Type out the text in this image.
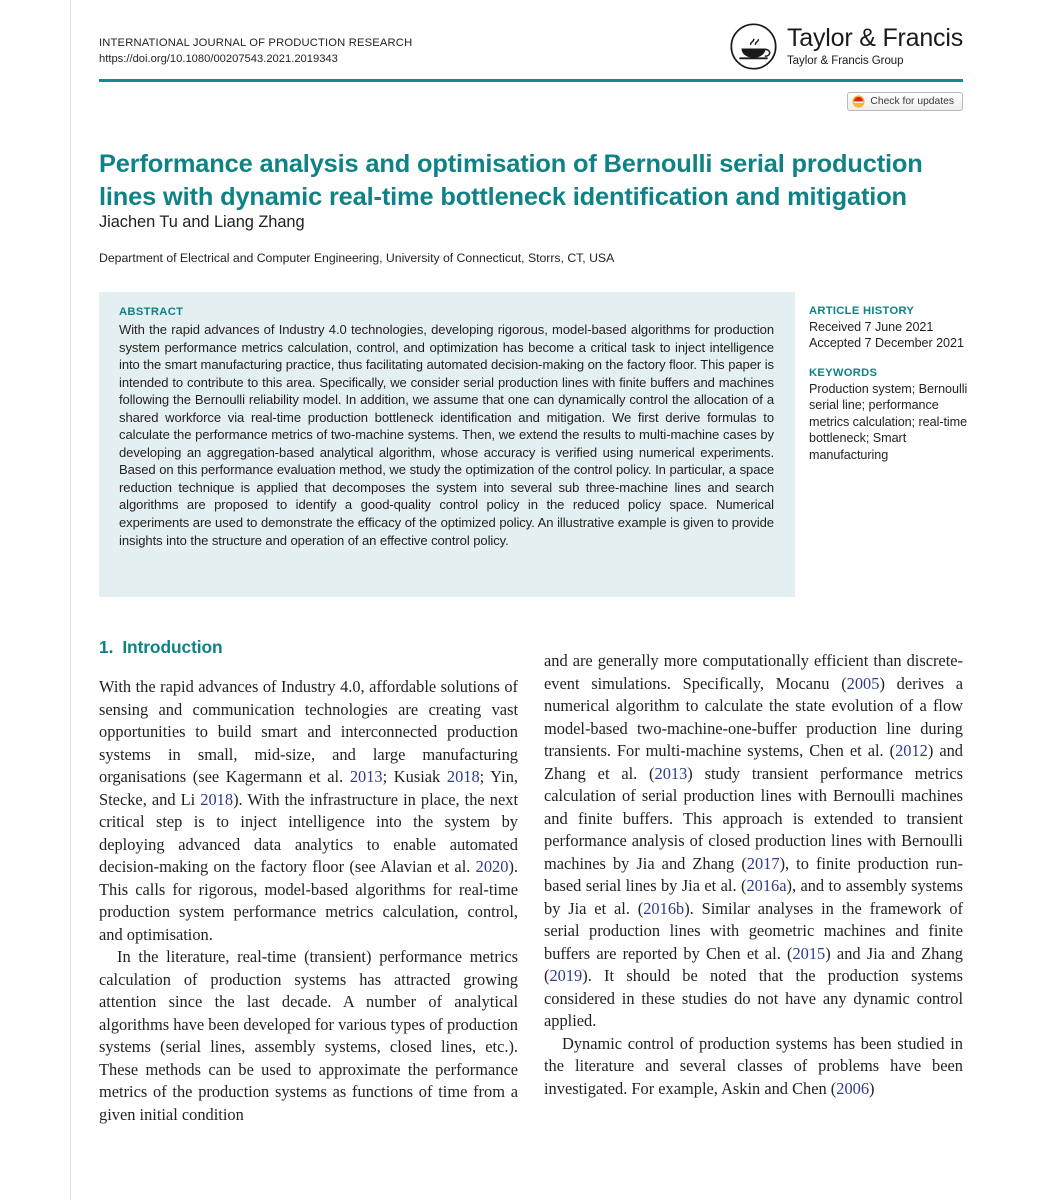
INTERNATIONAL JOURNAL OF PRODUCTION RESEARCH
https://doi.org/10.1080/00207543.2021.2019343
Taylor & Francis
Taylor & Francis Group
Check for updates
Performance analysis and optimisation of Bernoulli serial production lines with dynamic real-time bottleneck identification and mitigation
Jiachen Tu and Liang Zhang
Department of Electrical and Computer Engineering, University of Connecticut, Storrs, CT, USA
ABSTRACT
With the rapid advances of Industry 4.0 technologies, developing rigorous, model-based algorithms for production system performance metrics calculation, control, and optimization has become a critical task to inject intelligence into the smart manufacturing practice, thus facilitating automated decision-making on the factory floor. This paper is intended to contribute to this area. Specifically, we consider serial production lines with finite buffers and machines following the Bernoulli reliability model. In addition, we assume that one can dynamically control the allocation of a shared workforce via real-time production bottleneck identification and mitigation. We first derive formulas to calculate the performance metrics of two-machine systems. Then, we extend the results to multi-machine cases by developing an aggregation-based analytical algorithm, whose accuracy is verified using numerical experiments. Based on this performance evaluation method, we study the optimization of the control policy. In particular, a space reduction technique is applied that decomposes the system into several sub three-machine lines and search algorithms are proposed to identify a good-quality control policy in the reduced policy space. Numerical experiments are used to demonstrate the efficacy of the optimized policy. An illustrative example is given to provide insights into the structure and operation of an effective control policy.
ARTICLE HISTORY
Received 7 June 2021
Accepted 7 December 2021
KEYWORDS
Production system; Bernoulli serial line; performance metrics calculation; real-time bottleneck; Smart manufacturing
1. Introduction

With the rapid advances of Industry 4.0, affordable solutions of sensing and communication technologies are creating vast opportunities to build smart and interconnected production systems in small, mid-size, and large manufacturing organisations (see Kagermann et al. 2013; Kusiak 2018; Yin, Stecke, and Li 2018). With the infrastructure in place, the next critical step is to inject intelligence into the system by deploying advanced data analytics to enable automated decision-making on the factory floor (see Alavian et al. 2020). This calls for rigorous, model-based algorithms for real-time production system performance metrics calculation, control, and optimisation.

In the literature, real-time (transient) performance metrics calculation of production systems has attracted growing attention since the last decade. A number of analytical algorithms have been developed for various types of production systems (serial lines, assembly systems, closed lines, etc.). These methods can be used to approximate the performance metrics of the production systems as functions of time from a given initial condition

and are generally more computationally efficient than discrete-event simulations. Specifically, Mocanu (2005) derives a numerical algorithm to calculate the state evolution of a flow model-based two-machine-one-buffer production line during transients. For multi-machine systems, Chen et al. (2012) and Zhang et al. (2013) study transient performance metrics calculation of serial production lines with Bernoulli machines and finite buffers. This approach is extended to transient performance analysis of closed production lines with Bernoulli machines by Jia and Zhang (2017), to finite production run-based serial lines by Jia et al. (2016a), and to assembly systems by Jia et al. (2016b). Similar analyses in the framework of serial production lines with geometric machines and finite buffers are reported by Chen et al. (2015) and Jia and Zhang (2019). It should be noted that the production systems considered in these studies do not have any dynamic control applied.

Dynamic control of production systems has been studied in the literature and several classes of problems have been investigated. For example, Askin and Chen (2006)
